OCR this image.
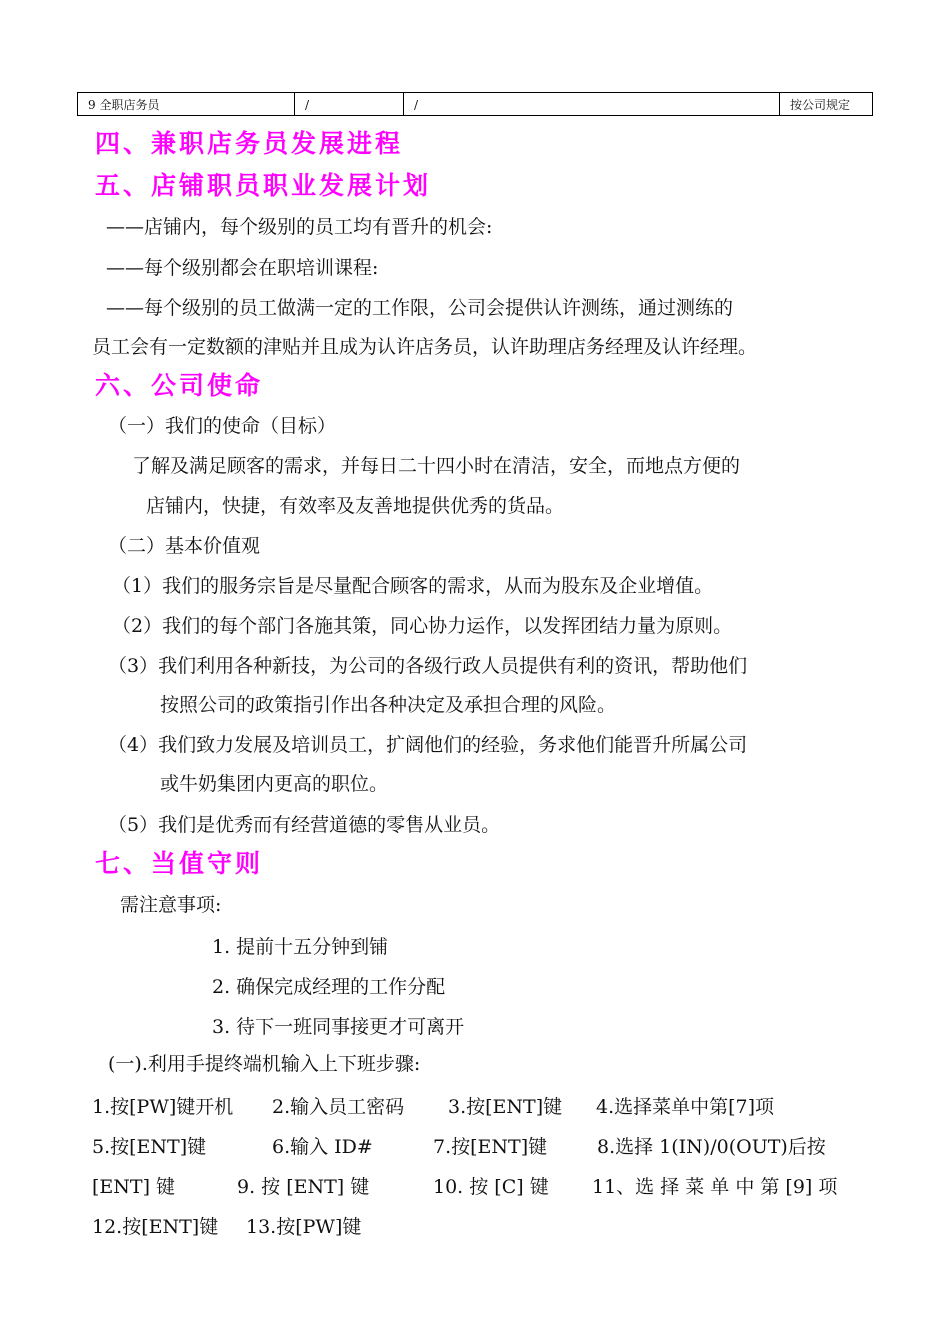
9 全职店务员	/	/	按公司规定
四、兼职店务员发展进程
五、店铺职员职业发展计划
——店铺内，每个级别的员工均有晋升的机会:
——每个级别都会在职培训课程:
——每个级别的员工做满一定的工作限，公司会提供认许测练，通过测练的
员工会有一定数额的津贴并且成为认许店务员，认许助理店务经理及认许经理。
六、公司使命
（一）我们的使命（目标）
了解及满足顾客的需求，并每日二十四小时在清洁，安全，而地点方便的
店铺内，快捷，有效率及友善地提供优秀的货品。
（二）基本价值观
（1）我们的服务宗旨是尽量配合顾客的需求，从而为股东及企业增值。
（2）我们的每个部门各施其策，同心协力运作，以发挥团结力量为原则。
（3）我们利用各种新技，为公司的各级行政人员提供有利的资讯，帮助他们
按照公司的政策指引作出各种决定及承担合理的风险。
（4）我们致力发展及培训员工，扩阔他们的经验，务求他们能晋升所属公司
或牛奶集团内更高的职位。
（5）我们是优秀而有经营道德的零售从业员。
七、当值守则
需注意事项:
1. 提前十五分钟到铺
2. 确保完成经理的工作分配
3. 待下一班同事接更才可离开
(一).利用手提终端机输入上下班步骤:
1.按[PW]键开机 2.输入员工密码 3.按[ENT]键 4.选择菜单中第[7]项
5.按[ENT]键	6.输入 ID#	7.按[ENT]键	8.选择 1(IN)/0(OUT)后按
[ENT] 键	9. 按 [ENT] 键	10. 按 [C] 键 11、选 择 菜 单 中 第 [9] 项
12.按[ENT]键 13.按[PW]键
